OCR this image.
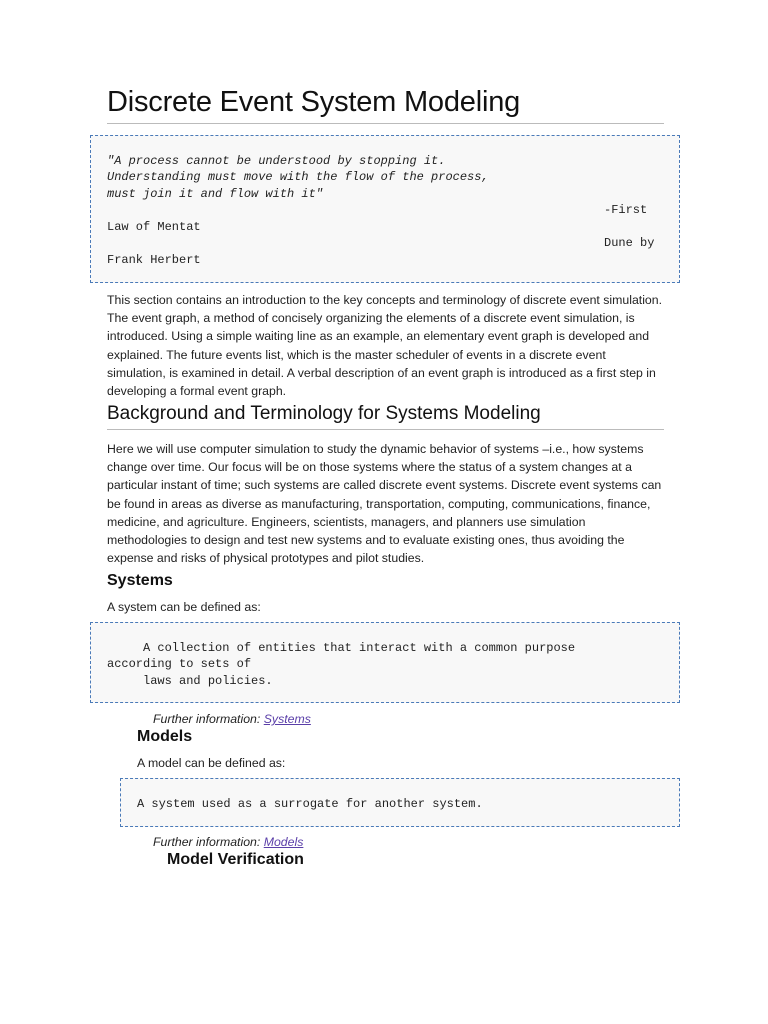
Discrete Event System Modeling
"A process cannot be understood by stopping it.
Understanding must move with the flow of the process,
must join it and flow with it"
-First
Law of Mentat
Dune by
Frank Herbert

This section contains an introduction to the key concepts and terminology of discrete event simulation. The event graph, a method of concisely organizing the elements of a discrete event simulation, is introduced. Using a simple waiting line as an example, an elementary event graph is developed and explained. The future events list, which is the master scheduler of events in a discrete event simulation, is examined in detail. A verbal description of an event graph is introduced as a first step in developing a formal event graph.

Background and Terminology for Systems Modeling

Here we will use computer simulation to study the dynamic behavior of systems –i.e., how systems change over time. Our focus will be on those systems where the status of a system changes at a particular instant of time; such systems are called discrete event systems. Discrete event systems can be found in areas as diverse as manufacturing, transportation, computing, communications, finance, medicine, and agriculture. Engineers, scientists, managers, and planners use simulation methodologies to design and test new systems and to evaluate existing ones, thus avoiding the expense and risks of physical prototypes and pilot studies.

Systems
A system can be defined as:
A collection of entities that interact with a common purpose
according to sets of
laws and policies.
Further information: Systems
Models
A model can be defined as:
A system used as a surrogate for another system.
Further information: Models
Model Verification
